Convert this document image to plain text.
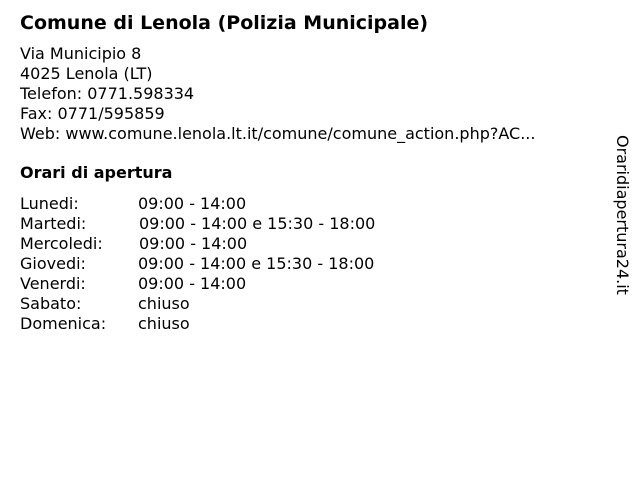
Comune di Lenola (Polizia Municipale)
Via Municipio 8
4025 Lenola (LT)
Telefon: 0771.598334
Fax: 0771/595859
Web: www.comune.lenola.lt.it/comune/comune_action.php?AC...
Orari di apertura
Lunedi:	09:00 - 14:00
Martedi:	09:00 - 14:00 e 15:30 - 18:00
Mercoledi: 09:00 - 14:00
Giovedi:	09:00 - 14:00 e 15:30 - 18:00
Venerdi:	09:00 - 14:00
Sabato:	chiuso
Domenica: chiuso
Oraridiapertura24.it
